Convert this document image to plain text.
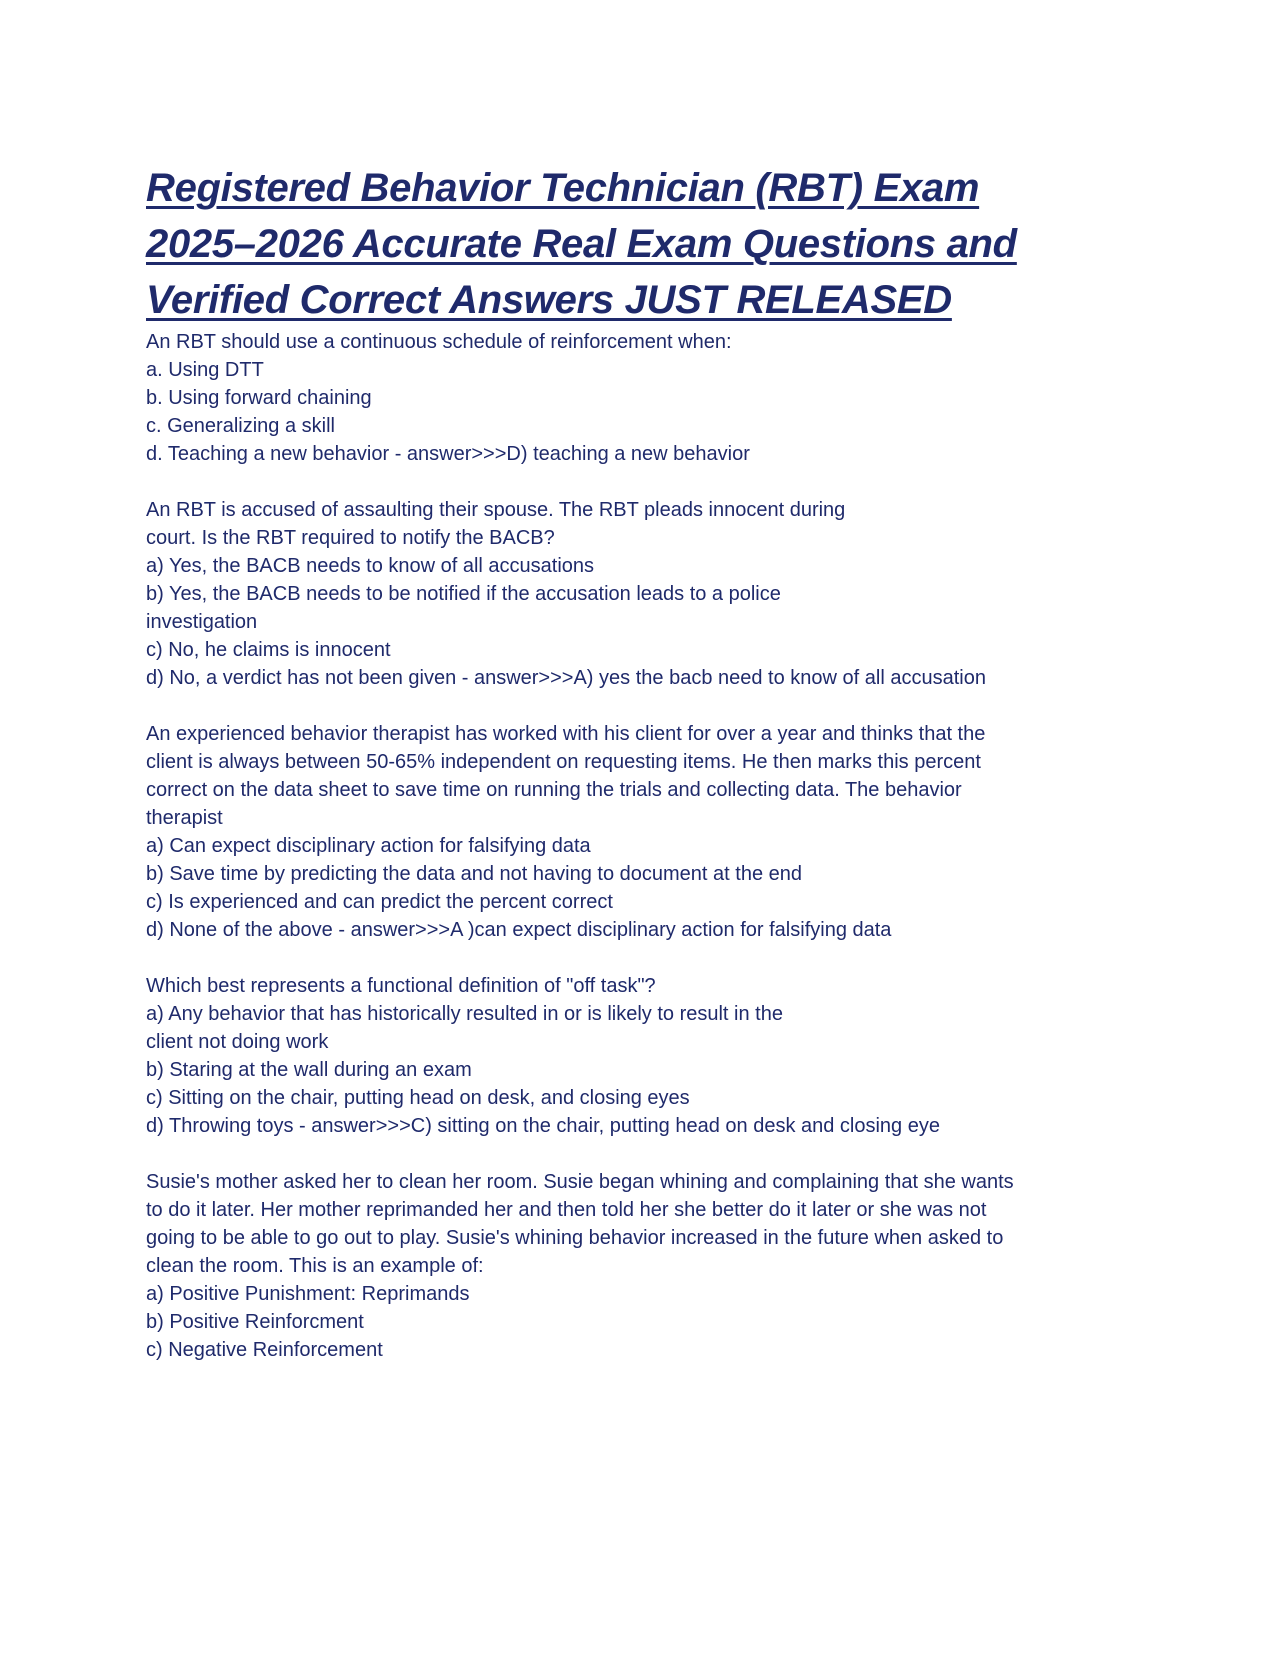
Registered Behavior Technician (RBT) Exam
2025–2026 Accurate Real Exam Questions and
Verified Correct Answers JUST RELEASED
An RBT should use a continuous schedule of reinforcement when:
a. Using DTT
b. Using forward chaining
c. Generalizing a skill
d. Teaching a new behavior - answer>>>D) teaching a new behavior
An RBT is accused of assaulting their spouse. The RBT pleads innocent during
court. Is the RBT required to notify the BACB?
a) Yes, the BACB needs to know of all accusations
b) Yes, the BACB needs to be notified if the accusation leads to a police
investigation
c) No, he claims is innocent
d) No, a verdict has not been given - answer>>>A) yes the bacb need to know of all accusation
An experienced behavior therapist has worked with his client for over a year and thinks that the
client is always between 50-65% independent on requesting items. He then marks this percent
correct on the data sheet to save time on running the trials and collecting data. The behavior
therapist
a) Can expect disciplinary action for falsifying data
b) Save time by predicting the data and not having to document at the end
c) Is experienced and can predict the percent correct
d) None of the above - answer>>>A )can expect disciplinary action for falsifying data
Which best represents a functional definition of "off task"?
a) Any behavior that has historically resulted in or is likely to result in the
client not doing work
b) Staring at the wall during an exam
c) Sitting on the chair, putting head on desk, and closing eyes
d) Throwing toys - answer>>>C) sitting on the chair, putting head on desk and closing eye
Susie's mother asked her to clean her room. Susie began whining and complaining that she wants
to do it later. Her mother reprimanded her and then told her she better do it later or she was not
going to be able to go out to play. Susie's whining behavior increased in the future when asked to
clean the room. This is an example of:
a) Positive Punishment: Reprimands
b) Positive Reinforcment
c) Negative Reinforcement
